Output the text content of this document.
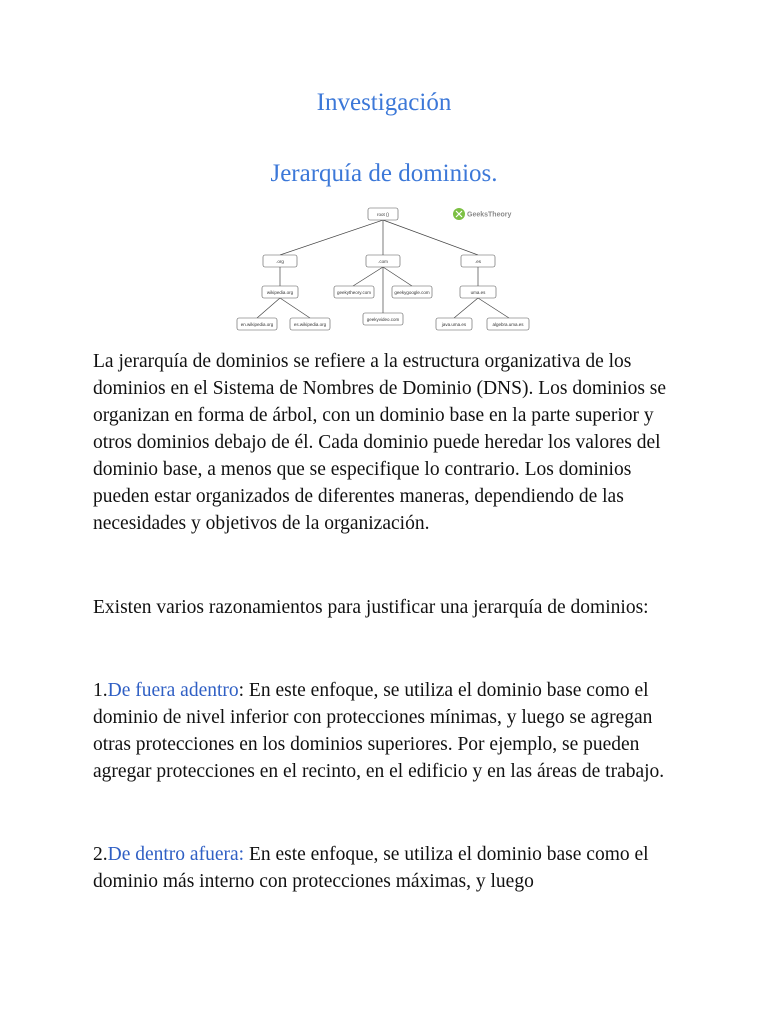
Investigación
Jerarquía de dominios.
root ()
.org	.com	.es
wikipedia.org	geekytheory.com	geekygoogle.com	uma.es
en.wikipedia.org	es.wikipedia.org
geekyvideo.com
java.uma.es	algebra.uma.es
GeeksTheory

La jerarquía de dominios se refiere a la estructura organizativa de los dominios en el Sistema de Nombres de Dominio (DNS). Los dominios se organizan en forma de árbol, con un dominio base en la parte superior y otros dominios debajo de él. Cada dominio puede heredar los valores del dominio base, a menos que se especifique lo contrario. Los dominios pueden estar organizados de diferentes maneras, dependiendo de las necesidades y objetivos de la organización.

Existen varios razonamientos para justificar una jerarquía de dominios:

1.De fuera adentro: En este enfoque, se utiliza el dominio base como el dominio de nivel inferior con protecciones mínimas, y luego se agregan otras protecciones en los dominios superiores. Por ejemplo, se pueden agregar protecciones en el recinto, en el edificio y en las áreas de trabajo.

2.De dentro afuera: En este enfoque, se utiliza el dominio base como el dominio más interno con protecciones máximas, y luego
